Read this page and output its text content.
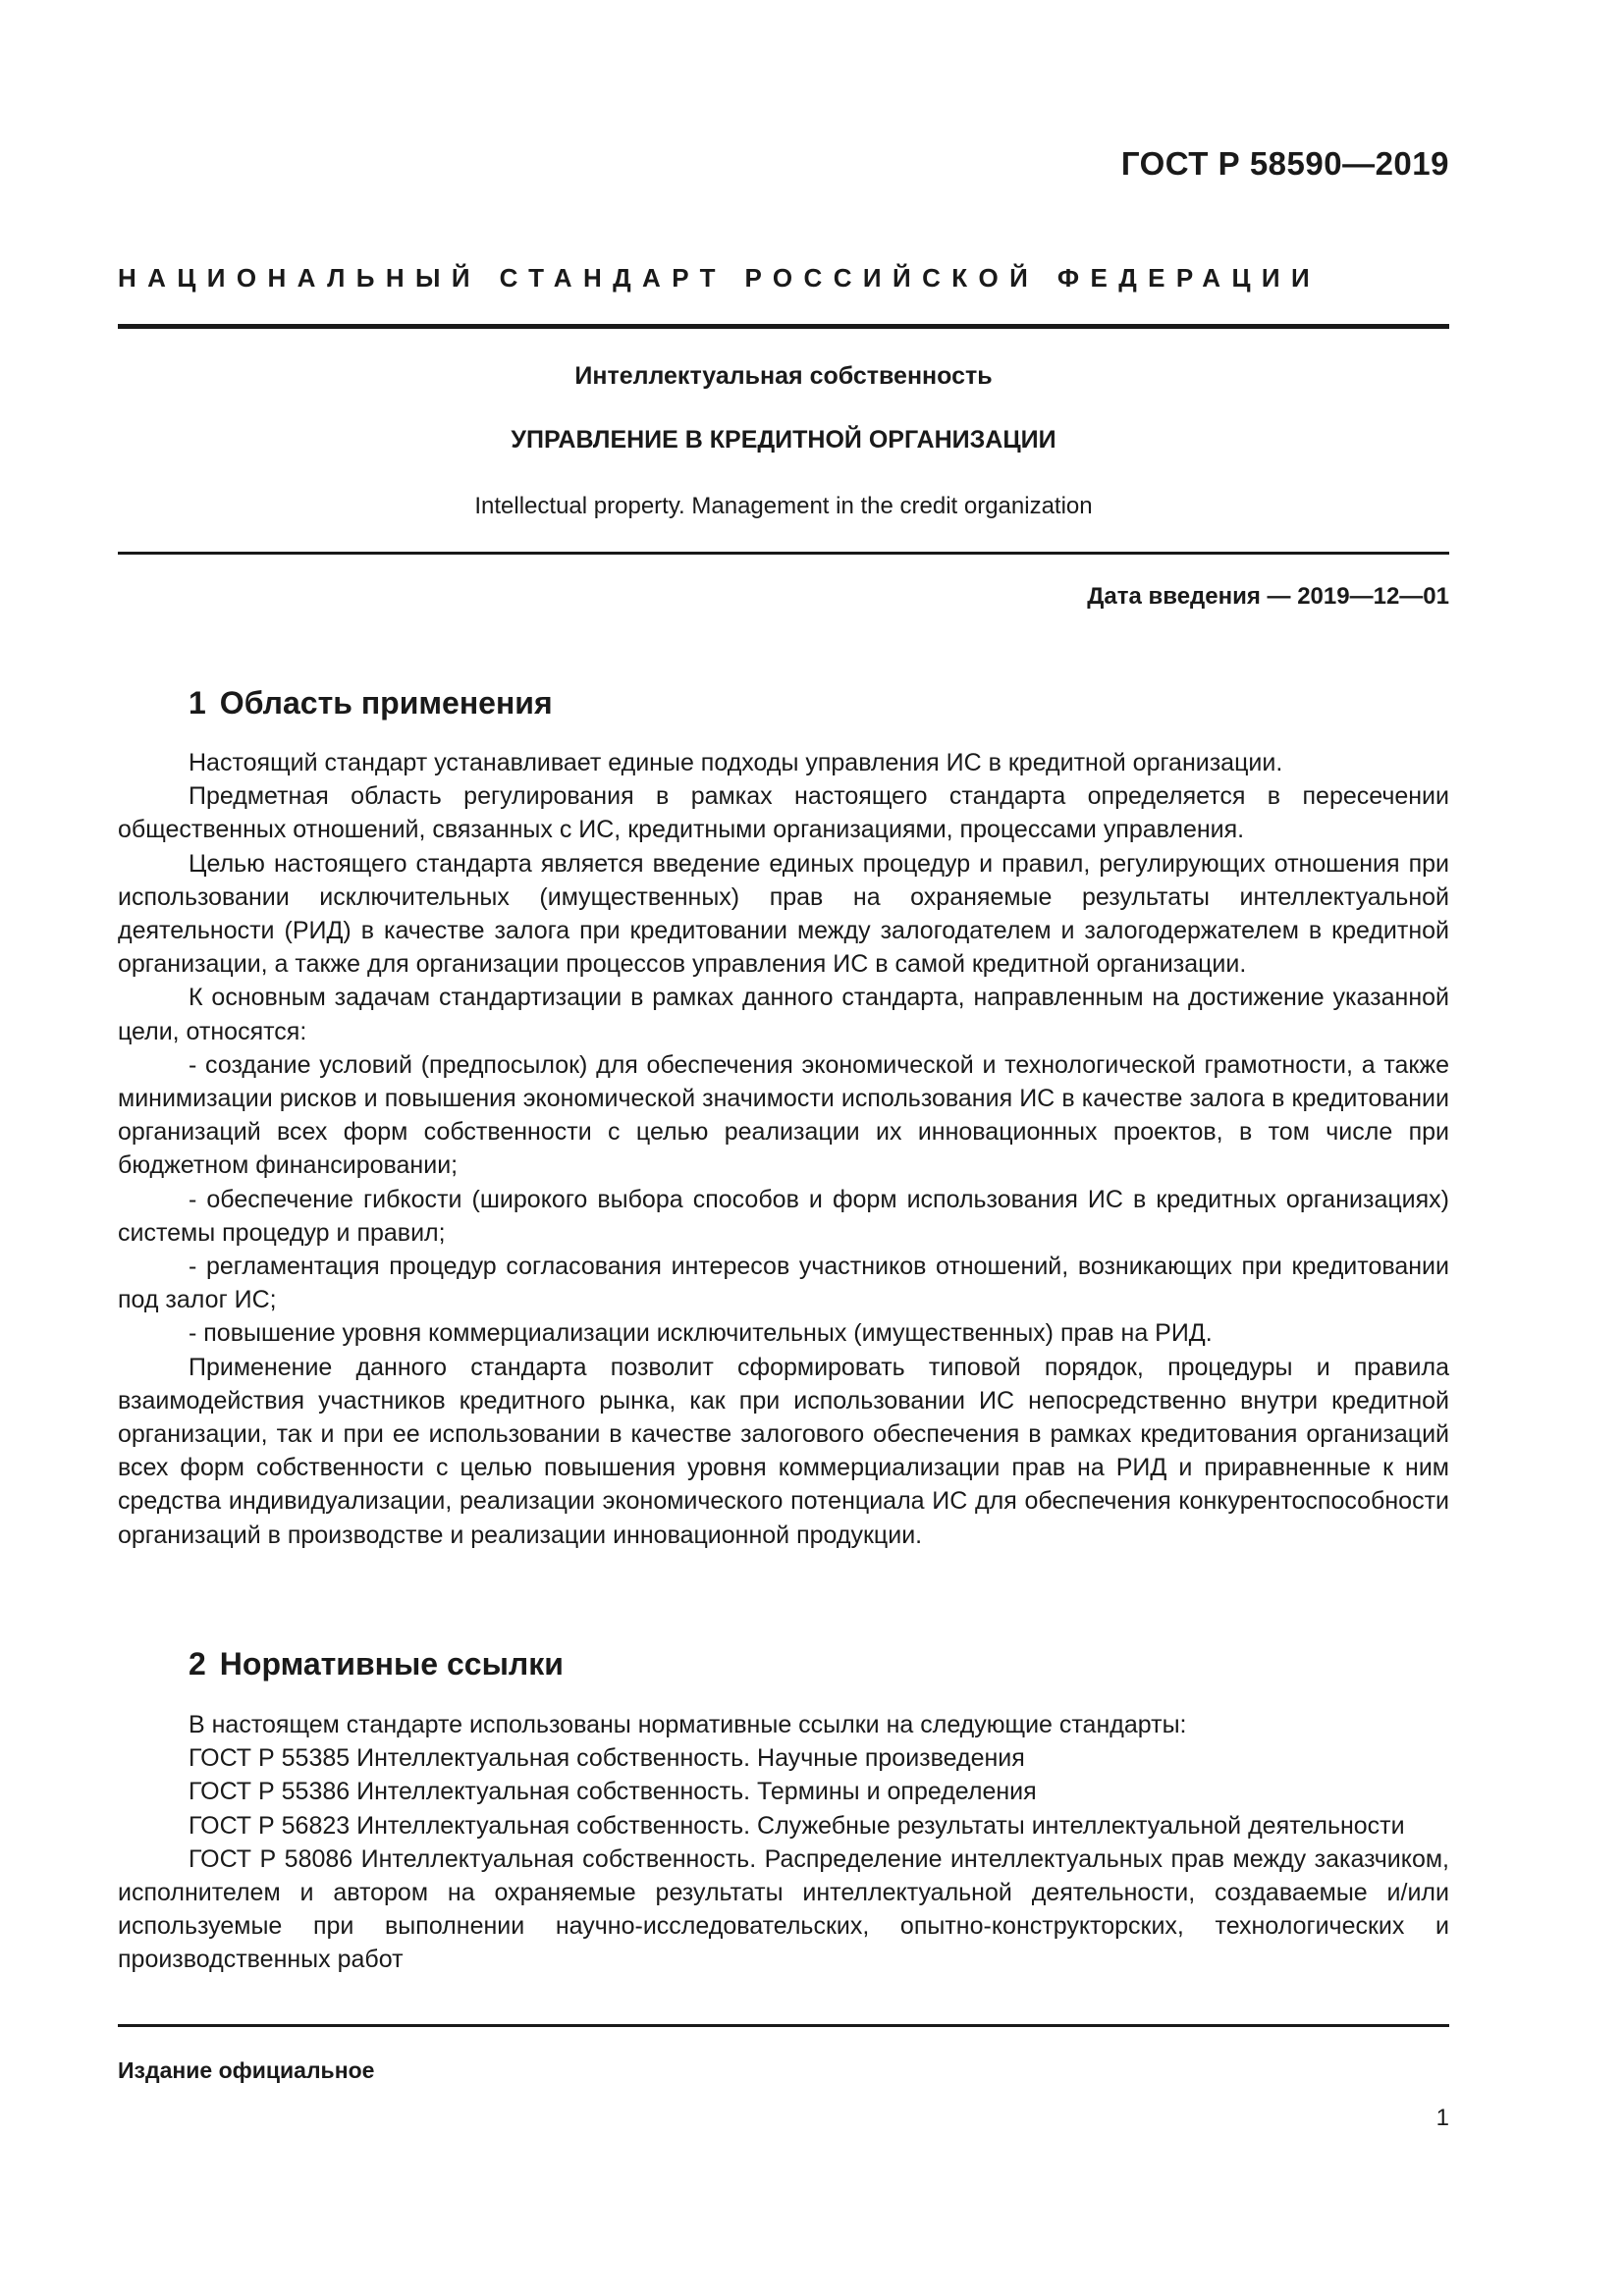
ГОСТ Р 58590—2019
НАЦИОНАЛЬНЫЙ СТАНДАРТ РОССИЙСКОЙ ФЕДЕРАЦИИ
Интеллектуальная собственность
УПРАВЛЕНИЕ В КРЕДИТНОЙ ОРГАНИЗАЦИИ
Intellectual property. Management in the credit organization
Дата введения — 2019—12—01
1 Область применения

Настоящий стандарт устанавливает единые подходы управления ИС в кредитной организации.

Предметная область регулирования в рамках настоящего стандарта определяется в пересечении общественных отношений, связанных с ИС, кредитными организациями, процессами управления.

Целью настоящего стандарта является введение единых процедур и правил, регулирующих отношения при использовании исключительных (имущественных) прав на охраняемые результаты интеллектуальной деятельности (РИД) в качестве залога при кредитовании между залогодателем и залогодержателем в кредитной организации, а также для организации процессов управления ИС в самой кредитной организации.

К основным задачам стандартизации в рамках данного стандарта, направленным на достижение указанной цели, относятся:

- создание условий (предпосылок) для обеспечения экономической и технологической грамотности, а также минимизации рисков и повышения экономической значимости использования ИС в качестве залога в кредитовании организаций всех форм собственности с целью реализации их инновационных проектов, в том числе при бюджетном финансировании;

- обеспечение гибкости (широкого выбора способов и форм использования ИС в кредитных организациях) системы процедур и правил;

- регламентация процедур согласования интересов участников отношений, возникающих при кредитовании под залог ИС;

- повышение уровня коммерциализации исключительных (имущественных) прав на РИД.

Применение данного стандарта позволит сформировать типовой порядок, процедуры и правила взаимодействия участников кредитного рынка, как при использовании ИС непосредственно внутри кредитной организации, так и при ее использовании в качестве залогового обеспечения в рамках кредитования организаций всех форм собственности с целью повышения уровня коммерциализации прав на РИД и приравненные к ним средства индивидуализации, реализации экономического потенциала ИС для обеспечения конкурентоспособности организаций в производстве и реализации инновационной продукции.

2 Нормативные ссылки

В настоящем стандарте использованы нормативные ссылки на следующие стандарты:

ГОСТ Р 55385 Интеллектуальная собственность. Научные произведения

ГОСТ Р 55386 Интеллектуальная собственность. Термины и определения

ГОСТ Р 56823 Интеллектуальная собственность. Служебные результаты интеллектуальной деятельности

ГОСТ Р 58086 Интеллектуальная собственность. Распределение интеллектуальных прав между заказчиком, исполнителем и автором на охраняемые результаты интеллектуальной деятельности, создаваемые и/или используемые при выполнении научно-исследовательских, опытно-конструкторских, технологических и производственных работ

Издание официальное
1
